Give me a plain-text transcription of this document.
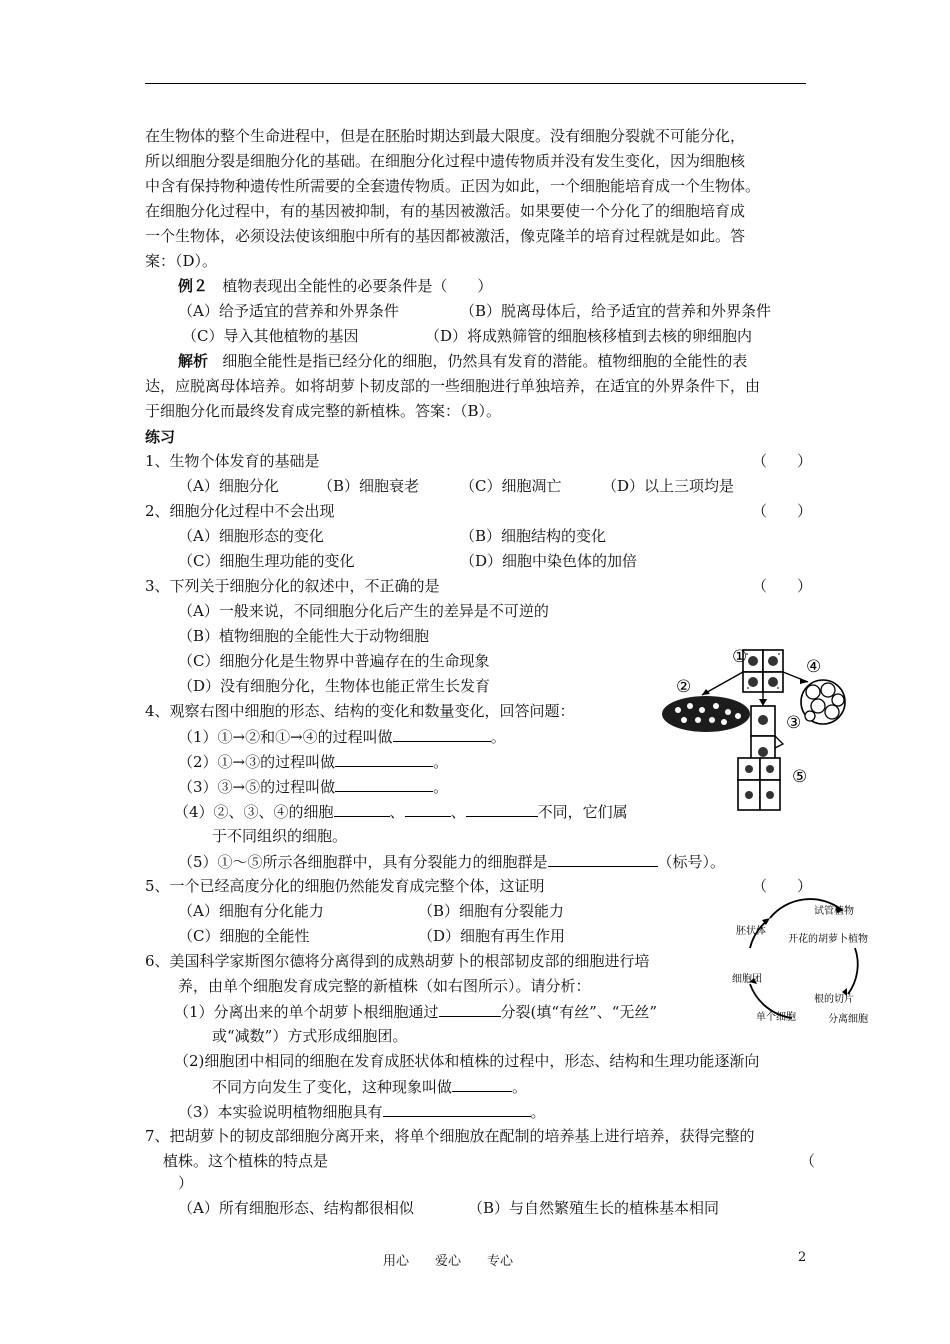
在生物体的整个生命进程中，但是在胚胎时期达到最大限度。没有细胞分裂就不可能分化，
所以细胞分裂是细胞分化的基础。在细胞分化过程中遗传物质并没有发生变化，因为细胞核
中含有保持物种遗传性所需要的全套遗传物质。正因为如此，一个细胞能培育成一个生物体。
在细胞分化过程中，有的基因被抑制，有的基因被激活。如果要使一个分化了的细胞培育成
一个生物体，必须设法使该细胞中所有的基因都被激活，像克隆羊的培育过程就是如此。答
案：（D）。
例２ 植物表现出全能性的必要条件是（　　）
（A）给予适宜的营养和外界条件	（B）脱离母体后，给予适宜的营养和外界条件
（C）导入其他植物的基因	（D）将成熟筛管的细胞核移植到去核的卵细胞内
解析 细胞全能性是指已经分化的细胞，仍然具有发育的潜能。植物细胞的全能性的表
达，应脱离母体培养。如将胡萝卜韧皮部的一些细胞进行单独培养，在适宜的外界条件下，由
于细胞分化而最终发育成完整的新植株。答案：（B）。
练习
1、生物个体发育的基础是	（　　）
（A）细胞分化	（B）细胞衰老	（C）细胞凋亡	（D）以上三项均是
2、细胞分化过程中不会出现	（　　）
（A）细胞形态的变化	（B）细胞结构的变化
（C）细胞生理功能的变化	（D）细胞中染色体的加倍
3、下列关于细胞分化的叙述中，不正确的是	（　　）
（A）一般来说，不同细胞分化后产生的差异是不可逆的
（B）植物细胞的全能性大于动物细胞
（C）细胞分化是生物界中普遍存在的生命现象
（D）没有细胞分化，生物体也能正常生长发育
4、观察右图中细胞的形态、结构的变化和数量变化，回答问题：
（1）①→②和①→④的过程叫做	。
（2）①→③的过程叫做	。
（3）③→⑤的过程叫做	。
（4）②、③、④的细胞	、	、	不同，它们属
于不同组织的细胞。
（5）①～⑤所示各细胞群中，具有分裂能力的细胞群是	（标号）。
5、一个已经高度分化的细胞仍然能发育成完整个体，这证明	（　　）
（A）细胞有分化能力	（B）细胞有分裂能力
（C）细胞的全能性	（D）细胞有再生作用
6、美国科学家斯图尔德将分离得到的成熟胡萝卜的根部韧皮部的细胞进行培
养，由单个细胞发育成完整的新植株（如右图所示）。请分析：
（1）分离出来的单个胡萝卜根细胞通过	分裂(填“有丝”、“无丝”
或“减数”）方式形成细胞团。
（2)细胞团中相同的细胞在发育成胚状体和植株的过程中，形态、结构和生理功能逐渐向
不同方向发生了变化，这种现象叫做	。
（3）本实验说明植物细胞具有	。
7、把胡萝卜的韧皮部细胞分离开来，将单个细胞放在配制的培养基上进行培养，获得完整的
植株。这个植株的特点是	（
）
（A）所有细胞形态、结构都很相似	（B）与自然繁殖生长的植株基本相同
①
②
③
④
⑤
试管植物
开花的胡萝卜植物
根的切片
分离细胞
单个细胞
细胞团
胚状体
用心　　爱心　　专心	2
